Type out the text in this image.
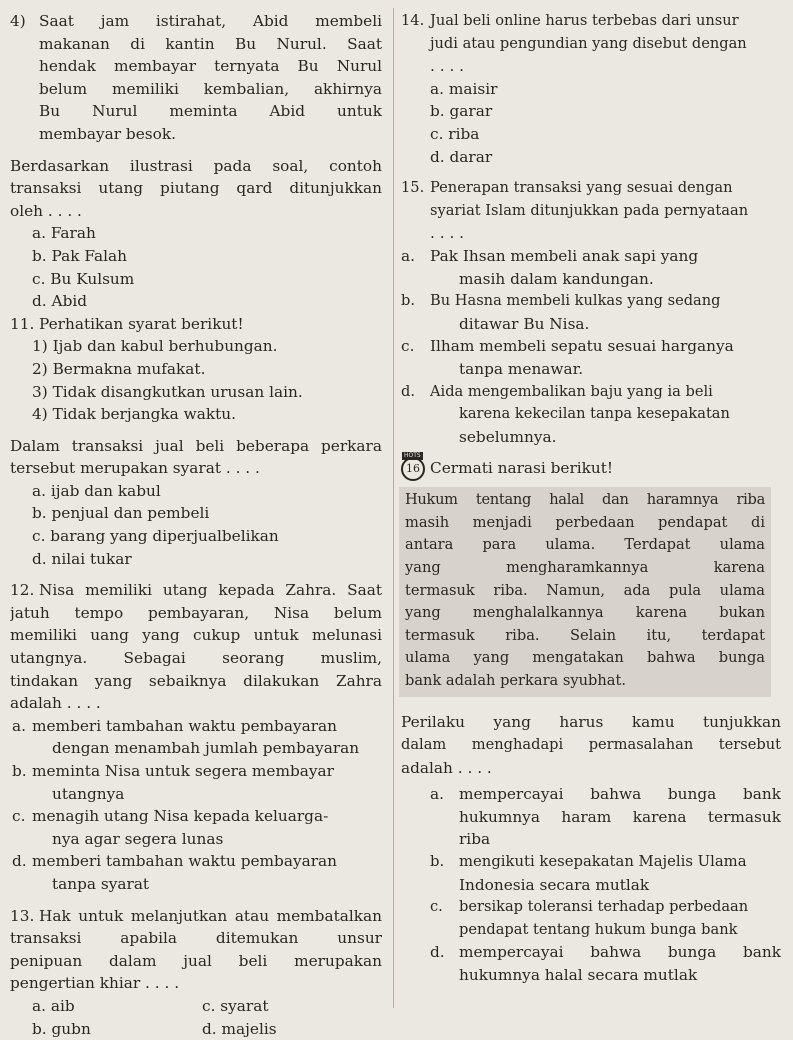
4) Saat jam istirahat, Abid membeli
makanan di kantin Bu Nurul. Saat
hendak membayar ternyata Bu Nurul
belum memiliki kembalian, akhirnya
Bu Nurul meminta Abid untuk
membayar besok.
Berdasarkan ilustrasi pada soal, contoh
transaksi utang piutang qard ditunjukkan
oleh . . . .
a. Farah
b. Pak Falah
c. Bu Kulsum
d. Abid
11. Perhatikan syarat berikut!
1) Ijab dan kabul berhubungan.
2) Bermakna mufakat.
3) Tidak disangkutkan urusan lain.
4) Tidak berjangka waktu.
Dalam transaksi jual beli beberapa perkara
tersebut merupakan syarat . . . .
a. ijab dan kabul
b. penjual dan pembeli
c. barang yang diperjualbelikan
d. nilai tukar
12. Nisa memiliki utang kepada Zahra. Saat
jatuh tempo pembayaran, Nisa belum
memiliki uang yang cukup untuk melunasi
utangnya. Sebagai seorang muslim,
tindakan yang sebaiknya dilakukan Zahra
adalah . . . .
a. memberi tambahan waktu pembayaran
dengan menambah jumlah pembayaran
b. meminta Nisa untuk segera membayar
utangnya
c. menagih utang Nisa kepada keluarga-
nya agar segera lunas
d. memberi tambahan waktu pembayaran
tanpa syarat
13. Hak untuk melanjutkan atau membatalkan
transaksi apabila ditemukan unsur
penipuan dalam jual beli merupakan
pengertian khiar . . . .
a. aib	c. syarat
b. gubn	d. majelis
14. Jual beli online harus terbebas dari unsur
judi atau pengundian yang disebut dengan
. . . .
a. maisir
b. garar
c. riba
d. darar
15. Penerapan transaksi yang sesuai dengan
syariat Islam ditunjukkan pada pernyataan
. . . .
a. Pak Ihsan membeli anak sapi yang
masih dalam kandungan.
b. Bu Hasna membeli kulkas yang sedang
ditawar Bu Nisa.
c. Ilham membeli sepatu sesuai harganya
tanpa menawar.
d. Aida mengembalikan baju yang ia beli
karena kekecilan tanpa kesepakatan
sebelumnya.
HOTS
16 Cermati narasi berikut!
Hukum tentang halal dan haramnya riba
masih menjadi perbedaan pendapat di
antara para ulama. Terdapat ulama
yang mengharamkannya karena
termasuk riba. Namun, ada pula ulama
yang menghalalkannya karena bukan
termasuk riba. Selain itu, terdapat
ulama yang mengatakan bahwa bunga
bank adalah perkara syubhat.
Perilaku yang harus kamu tunjukkan
dalam menghadapi permasalahan tersebut
adalah . . . .
a. mempercayai bahwa bunga bank
hukumnya haram karena termasuk
riba
b. mengikuti kesepakatan Majelis Ulama
Indonesia secara mutlak
c. bersikap toleransi terhadap perbedaan
pendapat tentang hukum bunga bank
d. mempercayai bahwa bunga bank
hukumnya halal secara mutlak
